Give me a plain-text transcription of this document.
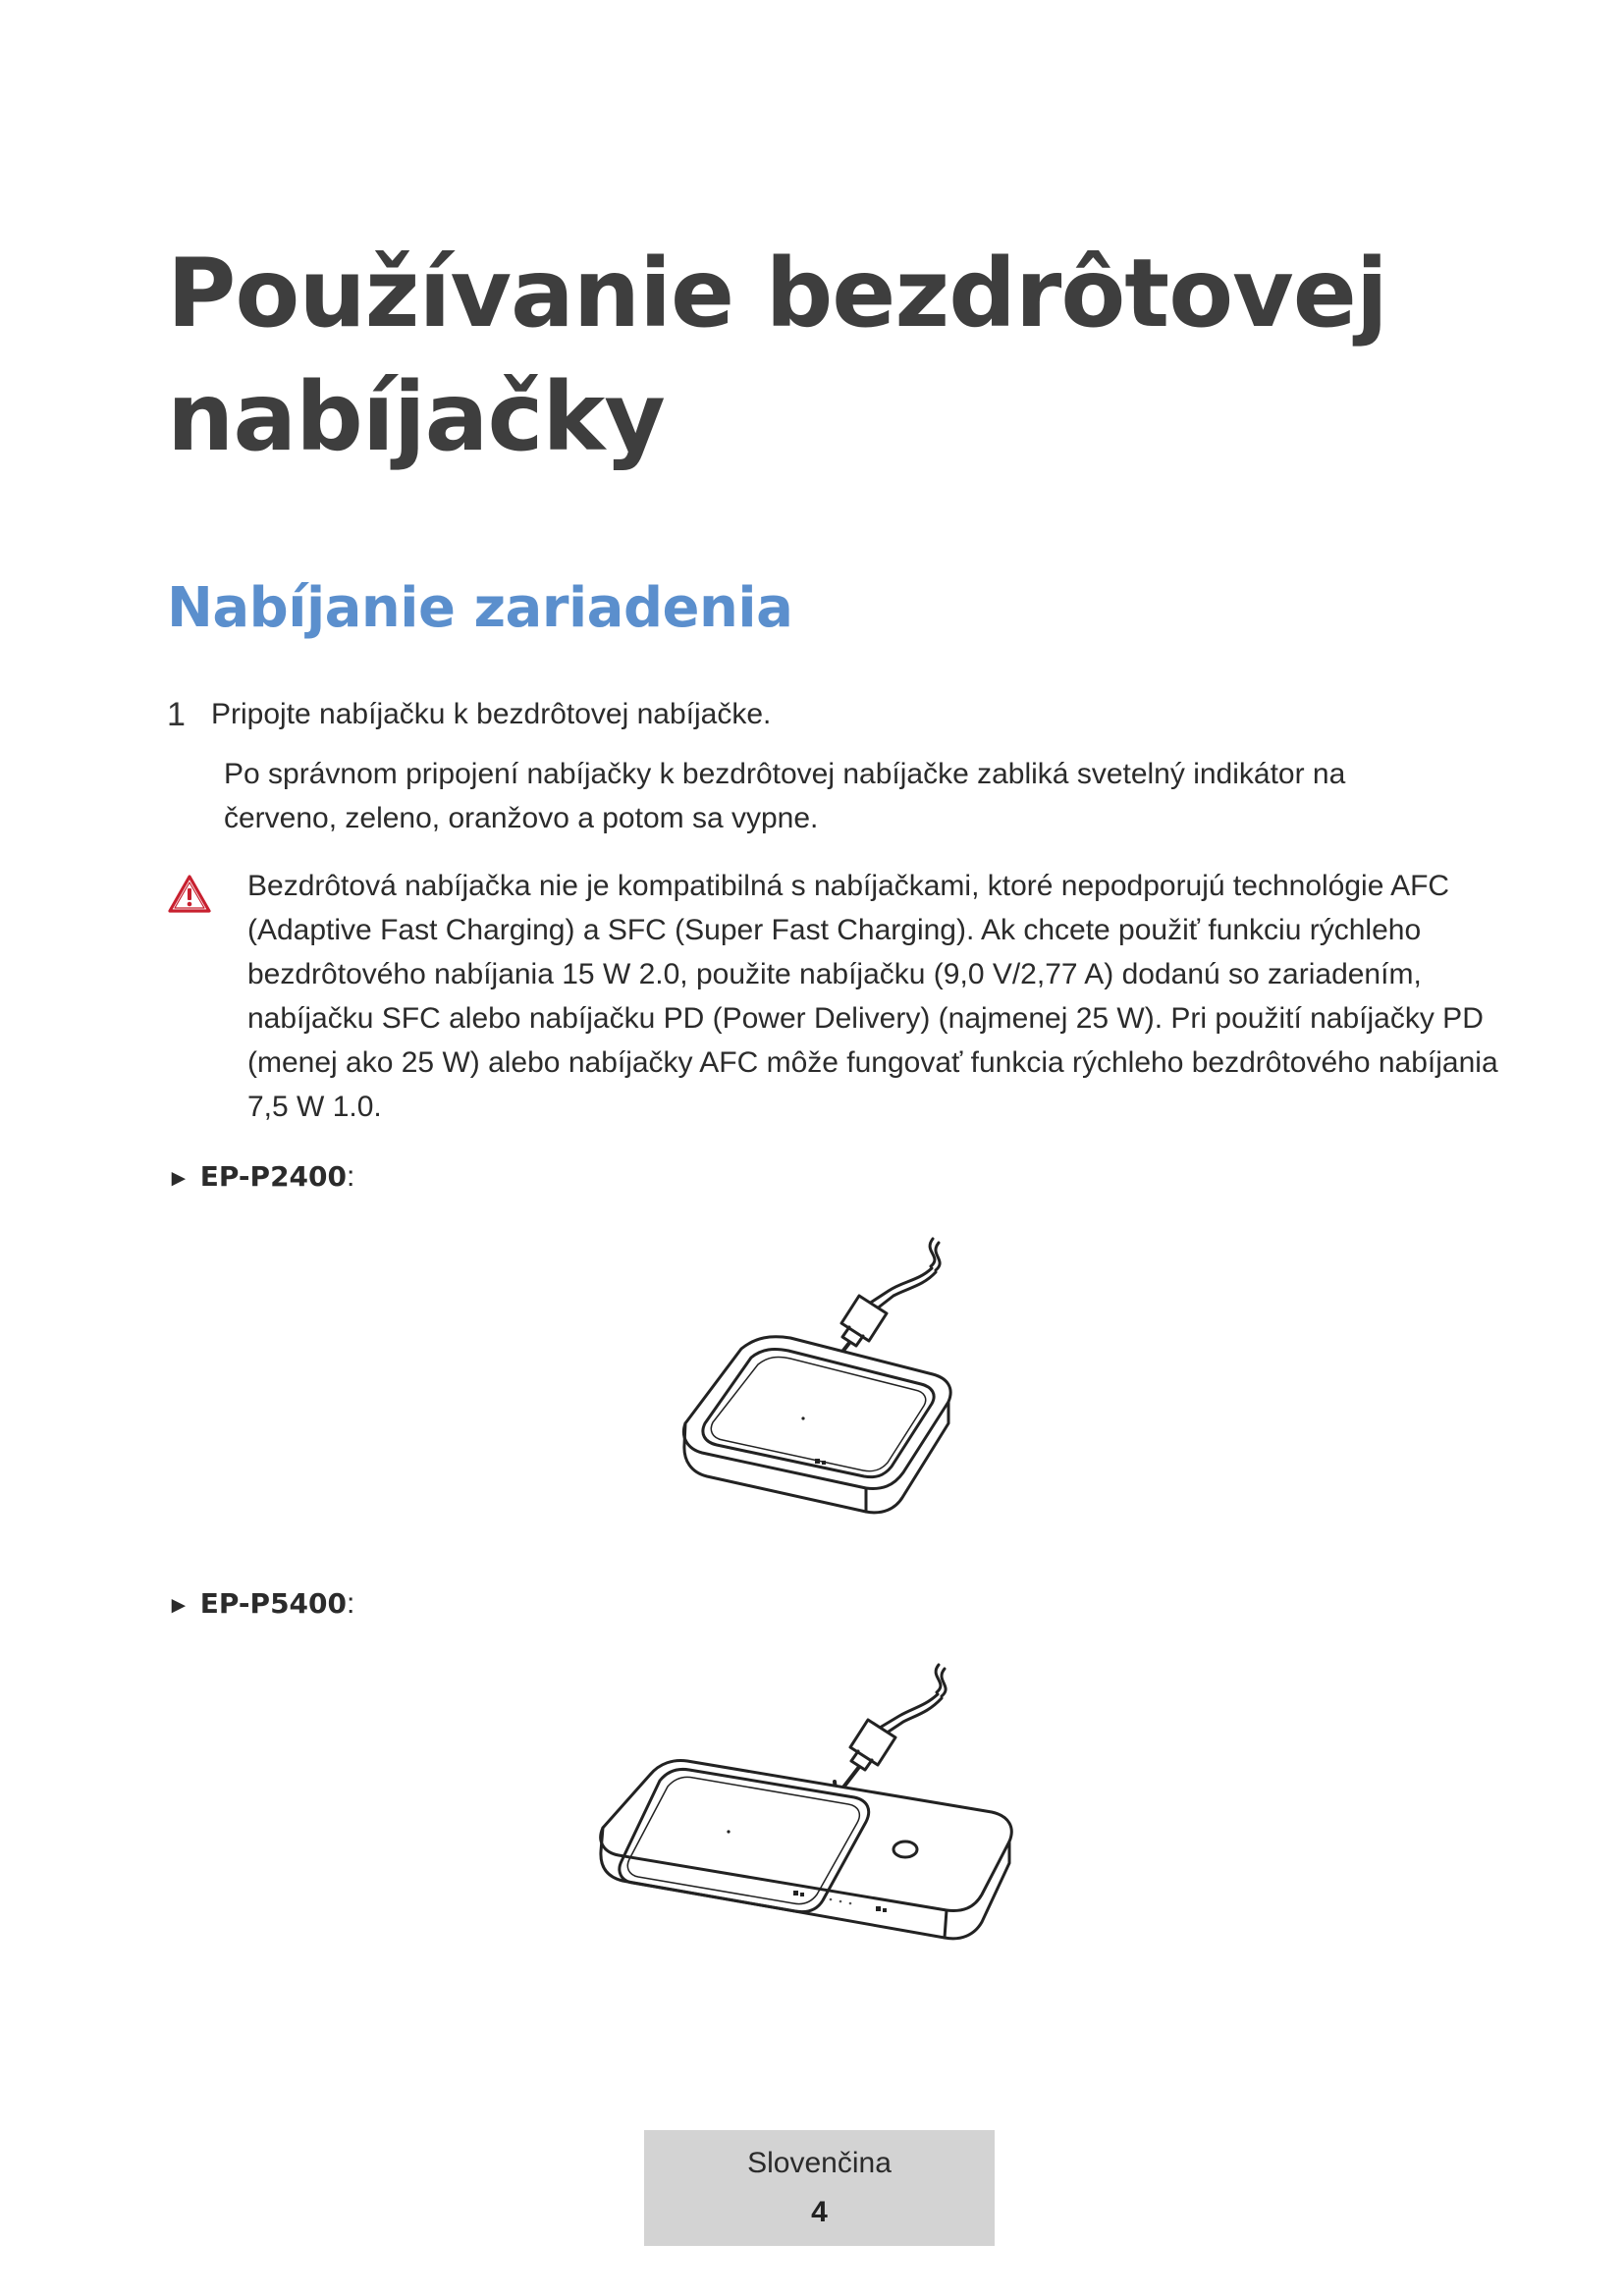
Používanie bezdrôtovej
nabíjačky
Nabíjanie zariadenia
1 Pripojte nabíjačku k bezdrôtovej nabíjačke.
Po správnom pripojení nabíjačky k bezdrôtovej nabíjačke zabliká svetelný indikátor na červeno, zeleno, oranžovo a potom sa vypne.
Bezdrôtová nabíjačka nie je kompatibilná s nabíjačkami, ktoré nepodporujú technológie AFC (Adaptive Fast Charging) a SFC (Super Fast Charging). Ak chcete použiť funkciu rýchleho bezdrôtového nabíjania 15 W 2.0, použite nabíjačku (9,0 V/2,77 A) dodanú so zariadením, nabíjačku SFC alebo nabíjačku PD (Power Delivery) (najmenej 25 W). Pri použití nabíjačky PD (menej ako 25 W) alebo nabíjačky AFC môže fungovať funkcia rýchleho bezdrôtového nabíjania 7,5 W 1.0.
► EP-P2400:
► EP-P5400:
Slovenčina
4
